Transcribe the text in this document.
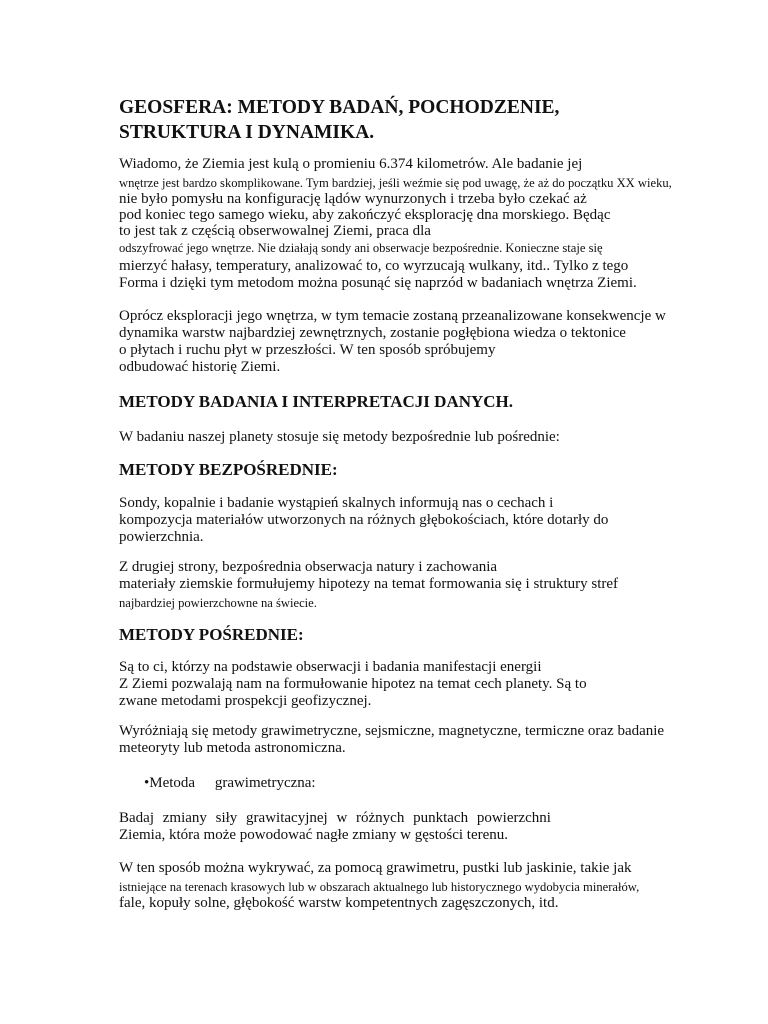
GEOSFERA: METODY BADAŃ, POCHODZENIE,
STRUKTURA I DYNAMIKA.
Wiadomo, że Ziemia jest kulą o promieniu 6.374 kilometrów. Ale badanie jej
wnętrze jest bardzo skomplikowane. Tym bardziej, jeśli weźmie się pod uwagę, że aż do początku XX wieku,
nie było pomysłu na konfigurację lądów wynurzonych i trzeba było czekać aż
pod koniec tego samego wieku, aby zakończyć eksplorację dna morskiego. Będąc
to jest tak z częścią obserwowalnej Ziemi, praca dla
odszyfrować jego wnętrze. Nie działają sondy ani obserwacje bezpośrednie. Konieczne staje się
mierzyć hałasy, temperatury, analizować to, co wyrzucają wulkany, itd.. Tylko z tego
Forma i dzięki tym metodom można posunąć się naprzód w badaniach wnętrza Ziemi.
Oprócz eksploracji jego wnętrza, w tym temacie zostaną przeanalizowane konsekwencje w
dynamika warstw najbardziej zewnętrznych, zostanie pogłębiona wiedza o tektonice
o płytach i ruchu płyt w przeszłości. W ten sposób spróbujemy
odbudować historię Ziemi.
METODY BADANIA I INTERPRETACJI DANYCH.
W badaniu naszej planety stosuje się metody bezpośrednie lub pośrednie:
METODY BEZPOŚREDNIE:
Sondy, kopalnie i badanie wystąpień skalnych informują nas o cechach i
kompozycja materiałów utworzonych na różnych głębokościach, które dotarły do
powierzchnia.
Z drugiej strony, bezpośrednia obserwacja natury i zachowania
materiały ziemskie formułujemy hipotezy na temat formowania się i struktury stref
najbardziej powierzchowne na świecie.
METODY POŚREDNIE:
Są to ci, którzy na podstawie obserwacji i badania manifestacji energii
Z Ziemi pozwalają nam na formułowanie hipotez na temat cech planety. Są to
zwane metodami prospekcji geofizycznej.
Wyróżniają się metody grawimetryczne, sejsmiczne, magnetyczne, termiczne oraz badanie
meteoryty lub metoda astronomiczna.
•Metoda grawimetryczna:
Badaj zmiany siły grawitacyjnej w różnych punktach powierzchni
Ziemia, która może powodować nagłe zmiany w gęstości terenu.
W ten sposób można wykrywać, za pomocą grawimetru, pustki lub jaskinie, takie jak
istniejące na terenach krasowych lub w obszarach aktualnego lub historycznego wydobycia minerałów,
fale, kopuły solne, głębokość warstw kompetentnych zagęszczonych, itd.
